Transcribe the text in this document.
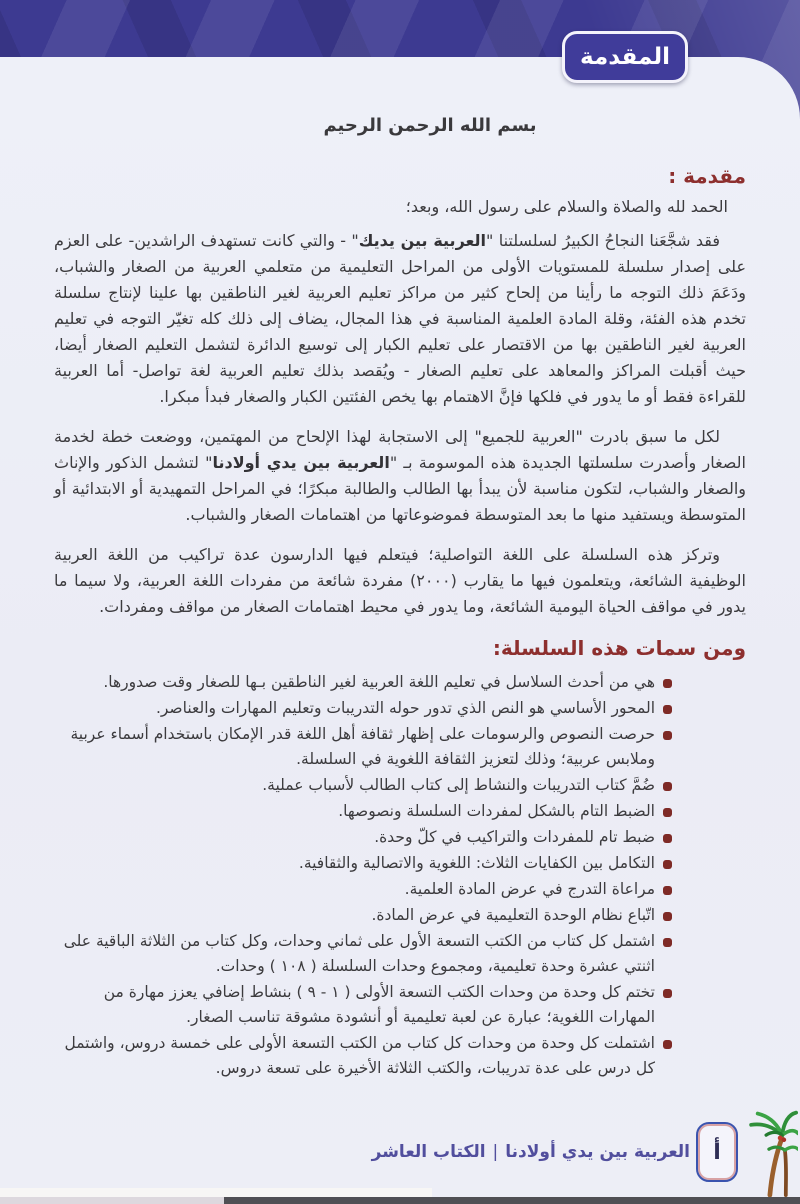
المقدمة
بسم الله الرحمن الرحيم
مقدمة :
الحمد لله والصلاة والسلام على رسول الله، وبعد؛

فقد شجَّعَنا النجاحُ الكبيرُ لسلسلتنا "العربية بين يديك" - والتي كانت تستهدف الراشدين- على العزم على إصدار سلسلة للمستويات الأولى من المراحل التعليمية من متعلمي العربية من الصغار والشباب، ودَعَمَ ذلك التوجه ما رأينا من إلحاح كثير من مراكز تعليم العربية لغير الناطقين بها علينا لإنتاج سلسلة تخدم هذه الفئة، وقلة المادة العلمية المناسبة في هذا المجال، يضاف إلى ذلك كله تغيّر التوجه في تعليم العربية لغير الناطقين بها من الاقتصار على تعليم الكبار إلى توسيع الدائرة لتشمل التعليم الصغار أيضا، حيث أقبلت المراكز والمعاهد على تعليم الصغار - ويُقصد بذلك تعليم العربية لغة تواصل- أما العربية للقراءة فقط أو ما يدور في فلكها فإنَّ الاهتمام بها يخص الفئتين الكبار والصغار فبدأ مبكرا.

لكل ما سبق بادرت "العربية للجميع" إلى الاستجابة لهذا الإلحاح من المهتمين، ووضعت خطة لخدمة الصغار وأصدرت سلسلتها الجديدة هذه الموسومة بـ "العربية بين يدي أولادنا" لتشمل الذكور والإناث والصغار والشباب، لتكون مناسبة لأن يبدأ بها الطالب والطالبة مبكرًا؛ في المراحل التمهيدية أو الابتدائية أو المتوسطة ويستفيد منها ما بعد المتوسطة فموضوعاتها من اهتمامات الصغار والشباب.

وتركز هذه السلسلة على اللغة التواصلية؛ فيتعلم فيها الدارسون عدة تراكيب من اللغة العربية الوظيفية الشائعة، ويتعلمون فيها ما يقارب (٢٠٠٠) مفردة شائعة من مفردات اللغة العربية، ولا سيما ما يدور في مواقف الحياة اليومية الشائعة، وما يدور في محيط اهتمامات الصغار من مواقف ومفردات.

ومن سمات هذه السلسلة:
هي من أحدث السلاسل في تعليم اللغة العربية لغير الناطقين بـها للصغار وقت صدورها.
المحور الأساسي هو النص الذي تدور حوله التدريبات وتعليم المهارات والعناصر.
حرصت النصوص والرسومات على إظهار ثقافة أهل اللغة قدر الإمكان باستخدام أسماء عربية وملابس عربية؛ وذلك لتعزيز الثقافة اللغوية في السلسلة.
ضُمَّ كتاب التدريبات والنشاط إلى كتاب الطالب لأسباب عملية.
الضبط التام بالشكل لمفردات السلسلة ونصوصها.
ضبط تام للمفردات والتراكيب في كلّ وحدة.
التكامل بين الكفايات الثلاث: اللغوية والاتصالية والثقافية.
مراعاة التدرج في عرض المادة العلمية.
اتّباع نظام الوحدة التعليمية في عرض المادة.
اشتمل كل كتاب من الكتب التسعة الأول على ثماني وحدات، وكل كتاب من الثلاثة الباقية على اثنتي عشرة وحدة تعليمية، ومجموع وحدات السلسلة ( ١٠٨ ) وحدات.
تختم كل وحدة من وحدات الكتب التسعة الأولى ( ١ - ٩ ) بنشاط إضافي يعزز مهارة من المهارات اللغوية؛ عبارة عن لعبة تعليمية أو أنشودة مشوقة تناسب الصغار.
اشتملت كل وحدة من وحدات كل كتاب من الكتب التسعة الأولى على خمسة دروس، واشتمل كل درس على عدة تدريبات، والكتب الثلاثة الأخيرة على تسعة دروس.
العربية بين يدي أولادنا|الكتاب العاشر	أ
